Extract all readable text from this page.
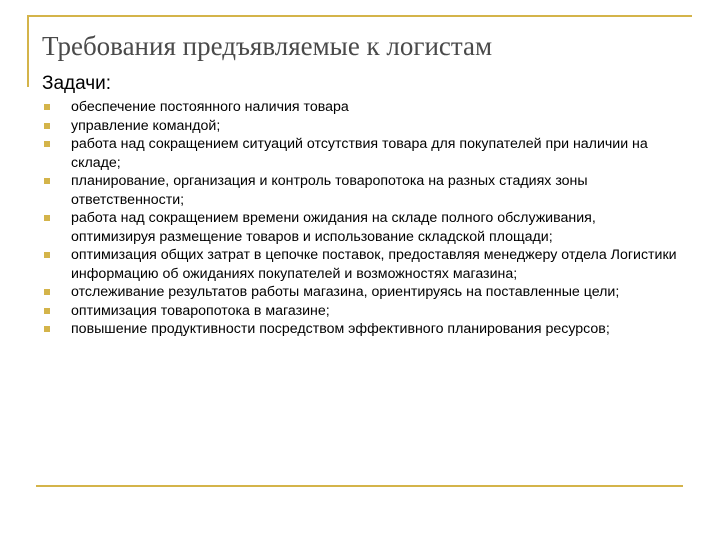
Требования предъявляемые к логистам
Задачи:
обеспечение постоянного наличия товара
управление командой;
работа над сокращением ситуаций отсутствия товара для покупателей при наличии на складе;
планирование, организация и контроль товаропотока на разных стадиях зоны ответственности;
работа над сокращением времени ожидания на складе полного обслуживания, оптимизируя размещение товаров и использование складской площади;
оптимизация общих затрат в цепочке поставок, предоставляя менеджеру отдела Логистики информацию об ожиданиях покупателей и возможностях магазина;
отслеживание результатов работы магазина, ориентируясь на поставленные цели;
оптимизация товаропотока в магазине;
повышение продуктивности посредством эффективного планирования ресурсов;
